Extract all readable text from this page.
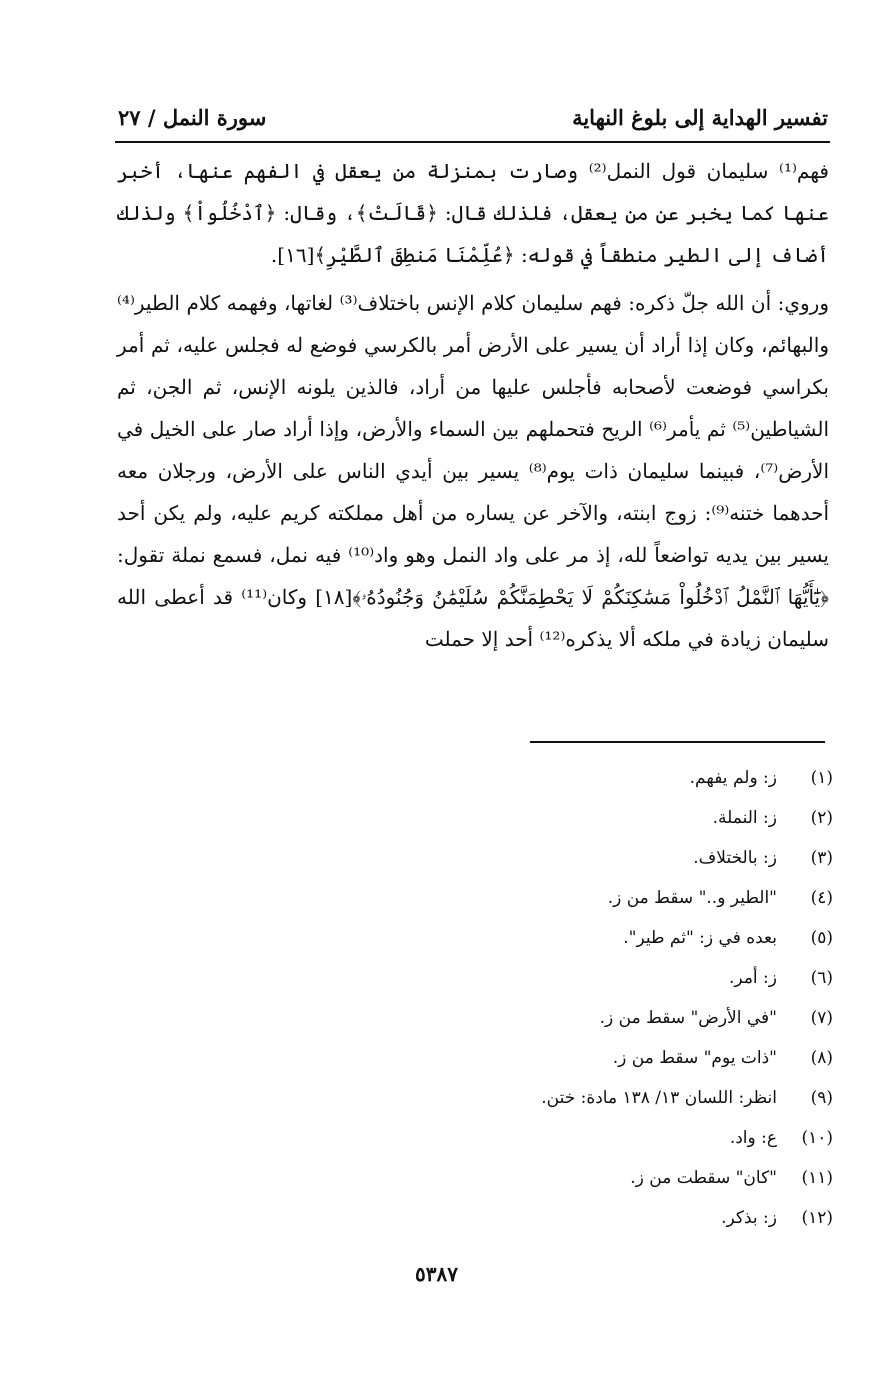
تفسير الهداية إلى بلوغ النهاية
سورة النمل / ٢٧

فهم⁽¹⁾ سليمان قول النمل⁽²⁾ وصارت بمنزلة من يعقل في الفهم عنها، أخبر عنها كما يخبر عن من يعقل، فلذلك قال: ﴿قَالَتْ﴾، وقال: ﴿ٱدْخُلُواْ﴾ ولذلك أضاف إلى الطير منطقاً في قوله: ﴿عُلِّمْنَا مَنطِقَ ٱلطَّيْرِ﴾[١٦].

وروي: أن الله جلّ ذكره: فهم سليمان كلام الإنس باختلاف⁽³⁾ لغاتها، وفهمه كلام الطير⁽⁴⁾ والبهائم، وكان إذا أراد أن يسير على الأرض أمر بالكرسي فوضع له فجلس عليه، ثم أمر بكراسي فوضعت لأصحابه فأجلس عليها من أراد، فالذين يلونه الإنس، ثم الجن، ثم الشياطين⁽⁵⁾ ثم يأمر⁽⁶⁾ الريح فتحملهم بين السماء والأرض، وإذا أراد صار على الخيل في الأرض⁽⁷⁾، فبينما سليمان ذات يوم⁽⁸⁾ يسير بين أيدي الناس على الأرض، ورجلان معه أحدهما ختنه⁽⁹⁾: زوج ابنته، والآخر عن يساره من أهل مملكته كريم عليه، ولم يكن أحد يسير بين يديه تواضعاً لله، إذ مر على واد النمل وهو واد⁽¹⁰⁾ فيه نمل، فسمع نملة تقول: ﴿يَٰٓأَيُّهَا ٱلنَّمْلُ ٱدْخُلُواْ مَسَٰكِنَكُمْ لَا يَحْطِمَنَّكُمْ سُلَيْمَٰنُ وَجُنُودُهُۥ﴾[١٨] وكان⁽¹¹⁾ قد أعطى الله سليمان زيادة في ملكه ألا يذكره⁽¹²⁾ أحد إلا حملت

(١)
ز: ولم يفهم.
(٢)
ز: النملة.
(٣)
ز: بالختلاف.
(٤)
"الطير و.." سقط من ز.
(٥)
بعده في ز: "ثم طير".
(٦)
ز: أمر.
(٧)
"في الأرض" سقط من ز.
(٨)
"ذات يوم" سقط من ز.
(٩)
انظر: اللسان ١٣/ ١٣٨ مادة: ختن.
(١٠)
ع: واد.
(١١)
"كان" سقطت من ز.
(١٢)
ز: بذكر.
٥٣٨٧
